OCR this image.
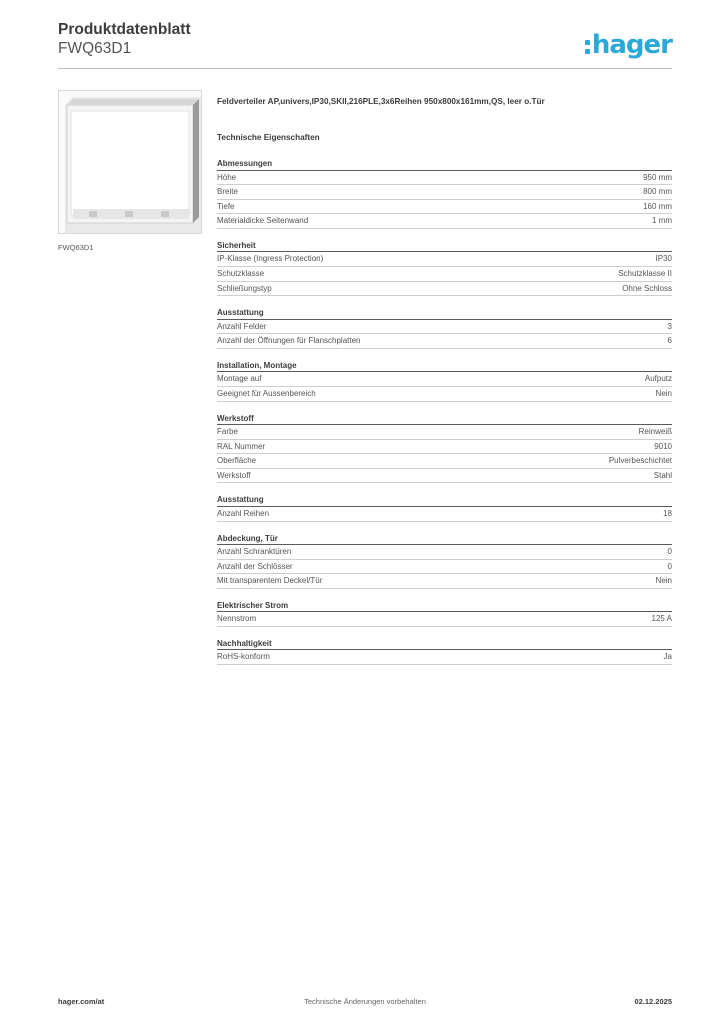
Produktdatenblatt
FWQ63D1	hager
FWQ63D1
Feldverteiler AP,univers,IP30,SKII,216PLE,3x6Reihen 950x800x161mm,QS, leer o.Tür
Technische Eigenschaften
Abmessungen
Höhe	950 mm
Breite	800 mm
Tiefe	160 mm
Materialdicke Seitenwand	1 mm
Sicherheit
IP-Klasse (Ingress Protection)	IP30
Schutzklasse	Schutzklasse II
Schließungstyp	Ohne Schloss
Ausstattung
Anzahl Felder	3
Anzahl der Öffnungen für Flanschplatten	6
Installation, Montage
Montage auf	Aufputz
Geeignet für Aussenbereich	Nein
Werkstoff
Farbe	Reinweiß
RAL Nummer	9010
Oberfläche	Pulverbeschichtet
Werkstoff	Stahl
Ausstattung
Anzahl Reihen	18
Abdeckung, Tür
Anzahl Schranktüren	0
Anzahl der Schlösser	0
Mit transparentem Deckel/Tür	Nein
Elektrischer Strom
Nennstrom	125 A
Nachhaltigkeit
RoHS-konform	Ja
hager.com/at	Technische Änderungen vorbehalten	02.12.2025
